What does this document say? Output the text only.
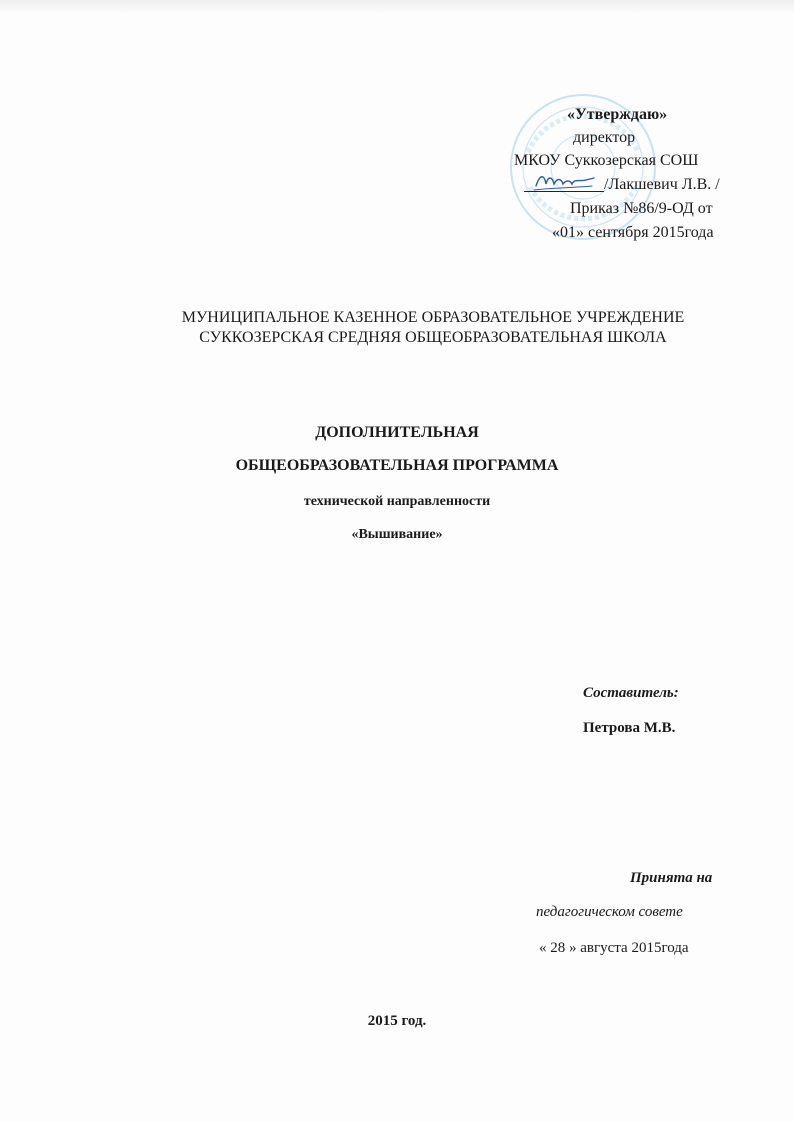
«Утверждаю»
директор
МКОУ Суккозерская СОШ
/Лакшевич Л.В. /
Приказ №86/9-ОД от
«01» сентября 2015года
МУНИЦИПАЛЬНОЕ КАЗЕННОЕ ОБРАЗОВАТЕЛЬНОЕ УЧРЕЖДЕНИЕ
СУККОЗЕРСКАЯ СРЕДНЯЯ ОБЩЕОБРАЗОВАТЕЛЬНАЯ ШКОЛА
ДОПОЛНИТЕЛЬНАЯ
ОБЩЕОБРАЗОВАТЕЛЬНАЯ ПРОГРАММА
технической направленности
«Вышивание»
Составитель:
Петрова М.В.
Принята на
педагогическом совете
« 28 » августа 2015года
2015 год.
